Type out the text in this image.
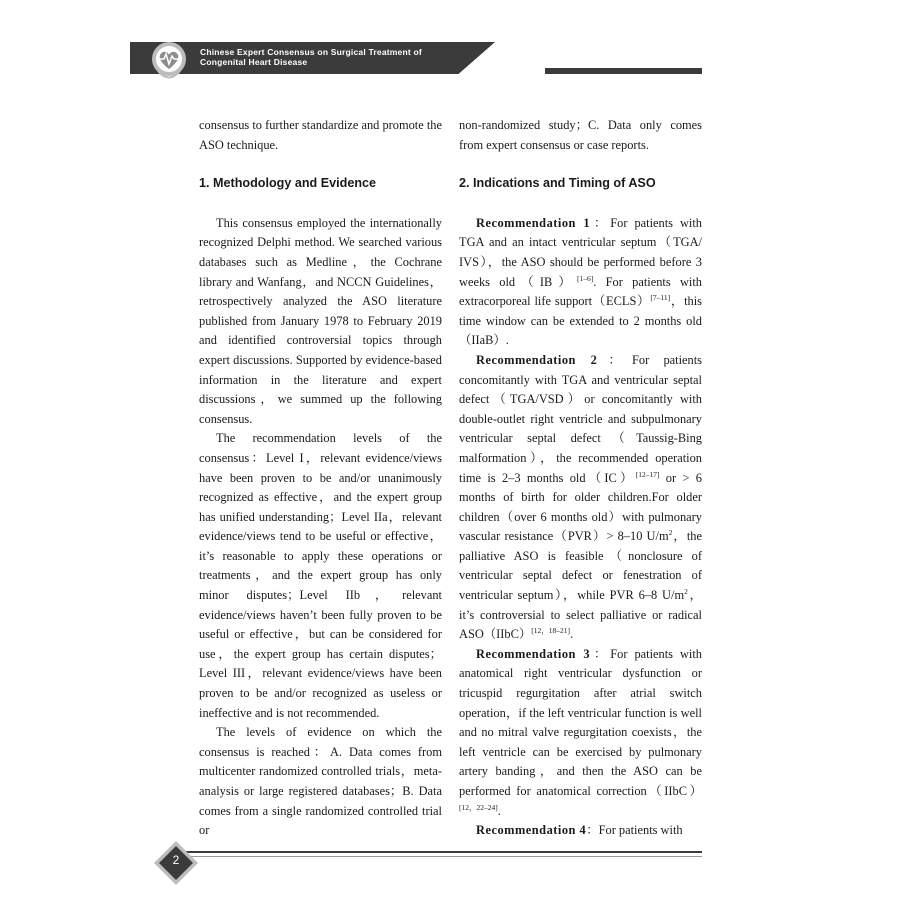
Chinese Expert Consensus on Surgical Treatment of
Congenital Heart Disease

consensus to further standardize and promote the ASO technique.

1. Methodology and Evidence

This consensus employed the internationally recognized Delphi method. We searched various databases such as Medline，the Cochrane library and Wanfang，and NCCN Guidelines，retrospectively analyzed the ASO literature published from January 1978 to February 2019 and identified controversial topics through expert discussions. Supported by evidence-based information in the literature and expert discussions，we summed up the following consensus.

The recommendation levels of the consensus：Level I，relevant evidence/views have been proven to be and/or unanimously recognized as effective，and the expert group has unified understanding；Level IIa，relevant evidence/views tend to be useful or effective，it’s reasonable to apply these operations or treatments，and the expert group has only minor disputes；Level IIb，relevant evidence/views haven’t been fully proven to be useful or effective，but can be considered for use，the expert group has certain disputes；Level III，relevant evidence/views have been proven to be and/or recognized as useless or ineffective and is not recommended.

The levels of evidence on which the consensus is reached：A. Data comes from multicenter randomized controlled trials，meta-analysis or large registered databases；B. Data comes from a single randomized controlled trial or

non-randomized study；C. Data only comes from expert consensus or case reports.

2. Indications and Timing of ASO

Recommendation 1：For patients with TGA and an intact ventricular septum（TGA/ IVS），the ASO should be performed before 3 weeks old（IB）[1–6]. For patients with extracorporeal life support（ECLS）[7–11]，this time window can be extended to 2 months old（IIaB）.

Recommendation 2：For patients concomitantly with TGA and ventricular septal defect（TGA/VSD）or concomitantly with double-outlet right ventricle and subpulmonary ventricular septal defect（Taussig-Bing malformation），the recommended operation time is 2–3 months old（IC）[12–17] or > 6 months of birth for older children.For older children（over 6 months old）with pulmonary vascular resistance（PVR）> 8–10 $U/m^2$，the palliative ASO is feasible（nonclosure of ventricular septal defect or fenestration of ventricular septum），while PVR 6–8 $U/m^2$，it’s controversial to select palliative or radical ASO（IIbC）[12，18–21].

Recommendation 3：For patients with anatomical right ventricular dysfunction or tricuspid regurgitation after atrial switch operation，if the left ventricular function is well and no mitral valve regurgitation coexists，the left ventricle can be exercised by pulmonary artery banding，and then the ASO can be performed for anatomical correction（IIbC）[12，22–24].

Recommendation 4：For patients with

2
